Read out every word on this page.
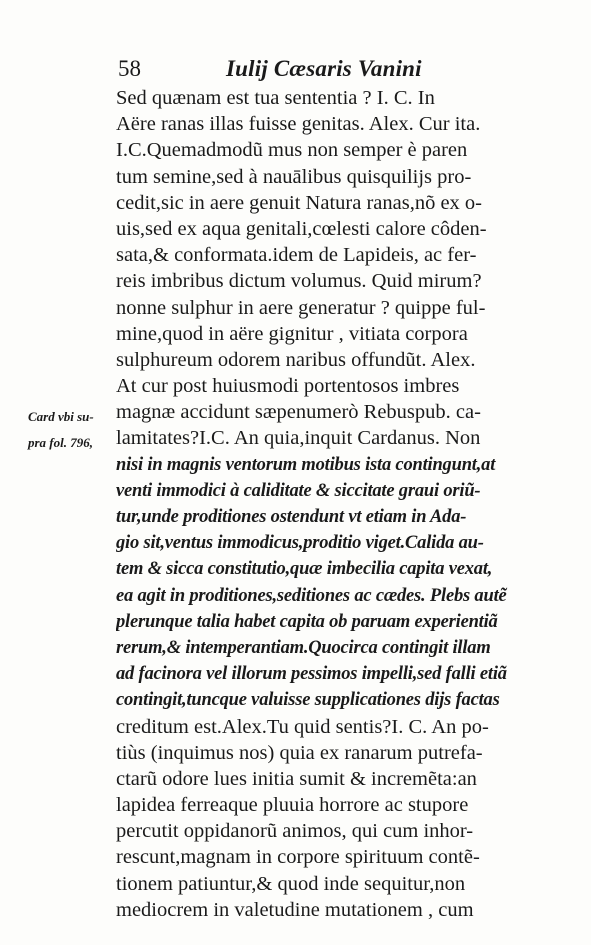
58	Iulij Cæsaris Vanini
Card vbi su-
pra fol. 796,
Sed quænam est tua sententia ? I. C. In
Aëre ranas illas fuisse genitas. Alex. Cur ita.
I.C.Quemadmodũ mus non semper è paren
tum semine,sed à nauālibus quisquilijs pro-
cedit,sic in aere genuit Natura ranas,nõ ex o-
uis,sed ex aqua genitali,cœlesti calore côden-
sata,& conformata.idem de Lapideis, ac fer-
reis imbribus dictum volumus. Quid mirum?
nonne sulphur in aere generatur ? quippe ful-
mine,quod in aëre gignitur , vitiata corpora
sulphureum odorem naribus offundũt. Alex.
At cur post huiusmodi portentosos imbres
magnæ accidunt sæpenumerò Rebuspub. ca-
lamitates?I.C. An quia,inquit Cardanus. Non
nisi in magnis ventorum motibus ista contingunt,at
venti immodici à caliditate & siccitate graui oriũ-
tur,unde proditiones ostendunt vt etiam in Ada-
gio sit,ventus immodicus,proditio viget.Calida au-
tem & sicca constitutio,quæ imbecilia capita vexat,
ea agit in proditiones,seditiones ac cædes. Plebs autẽ
plerunque talia habet capita ob paruam experientiã
rerum,& intemperantiam.Quocirca contingit illam
ad facinora vel illorum pessimos impelli,sed falli etiã
contingit,tuncque valuisse supplicationes dijs factas
creditum est.Alex.Tu quid sentis?I. C. An po-
tiùs (inquimus nos) quia ex ranarum putrefa-
ctarũ odore lues initia sumit & incremẽta:an
lapidea ferreaque pluuia horrore ac stupore
percutit oppidanorũ animos, qui cum inhor-
rescunt,magnam in corpore spirituum contẽ-
tionem patiuntur,& quod inde sequitur,non
mediocrem in valetudine mutationem , cum
